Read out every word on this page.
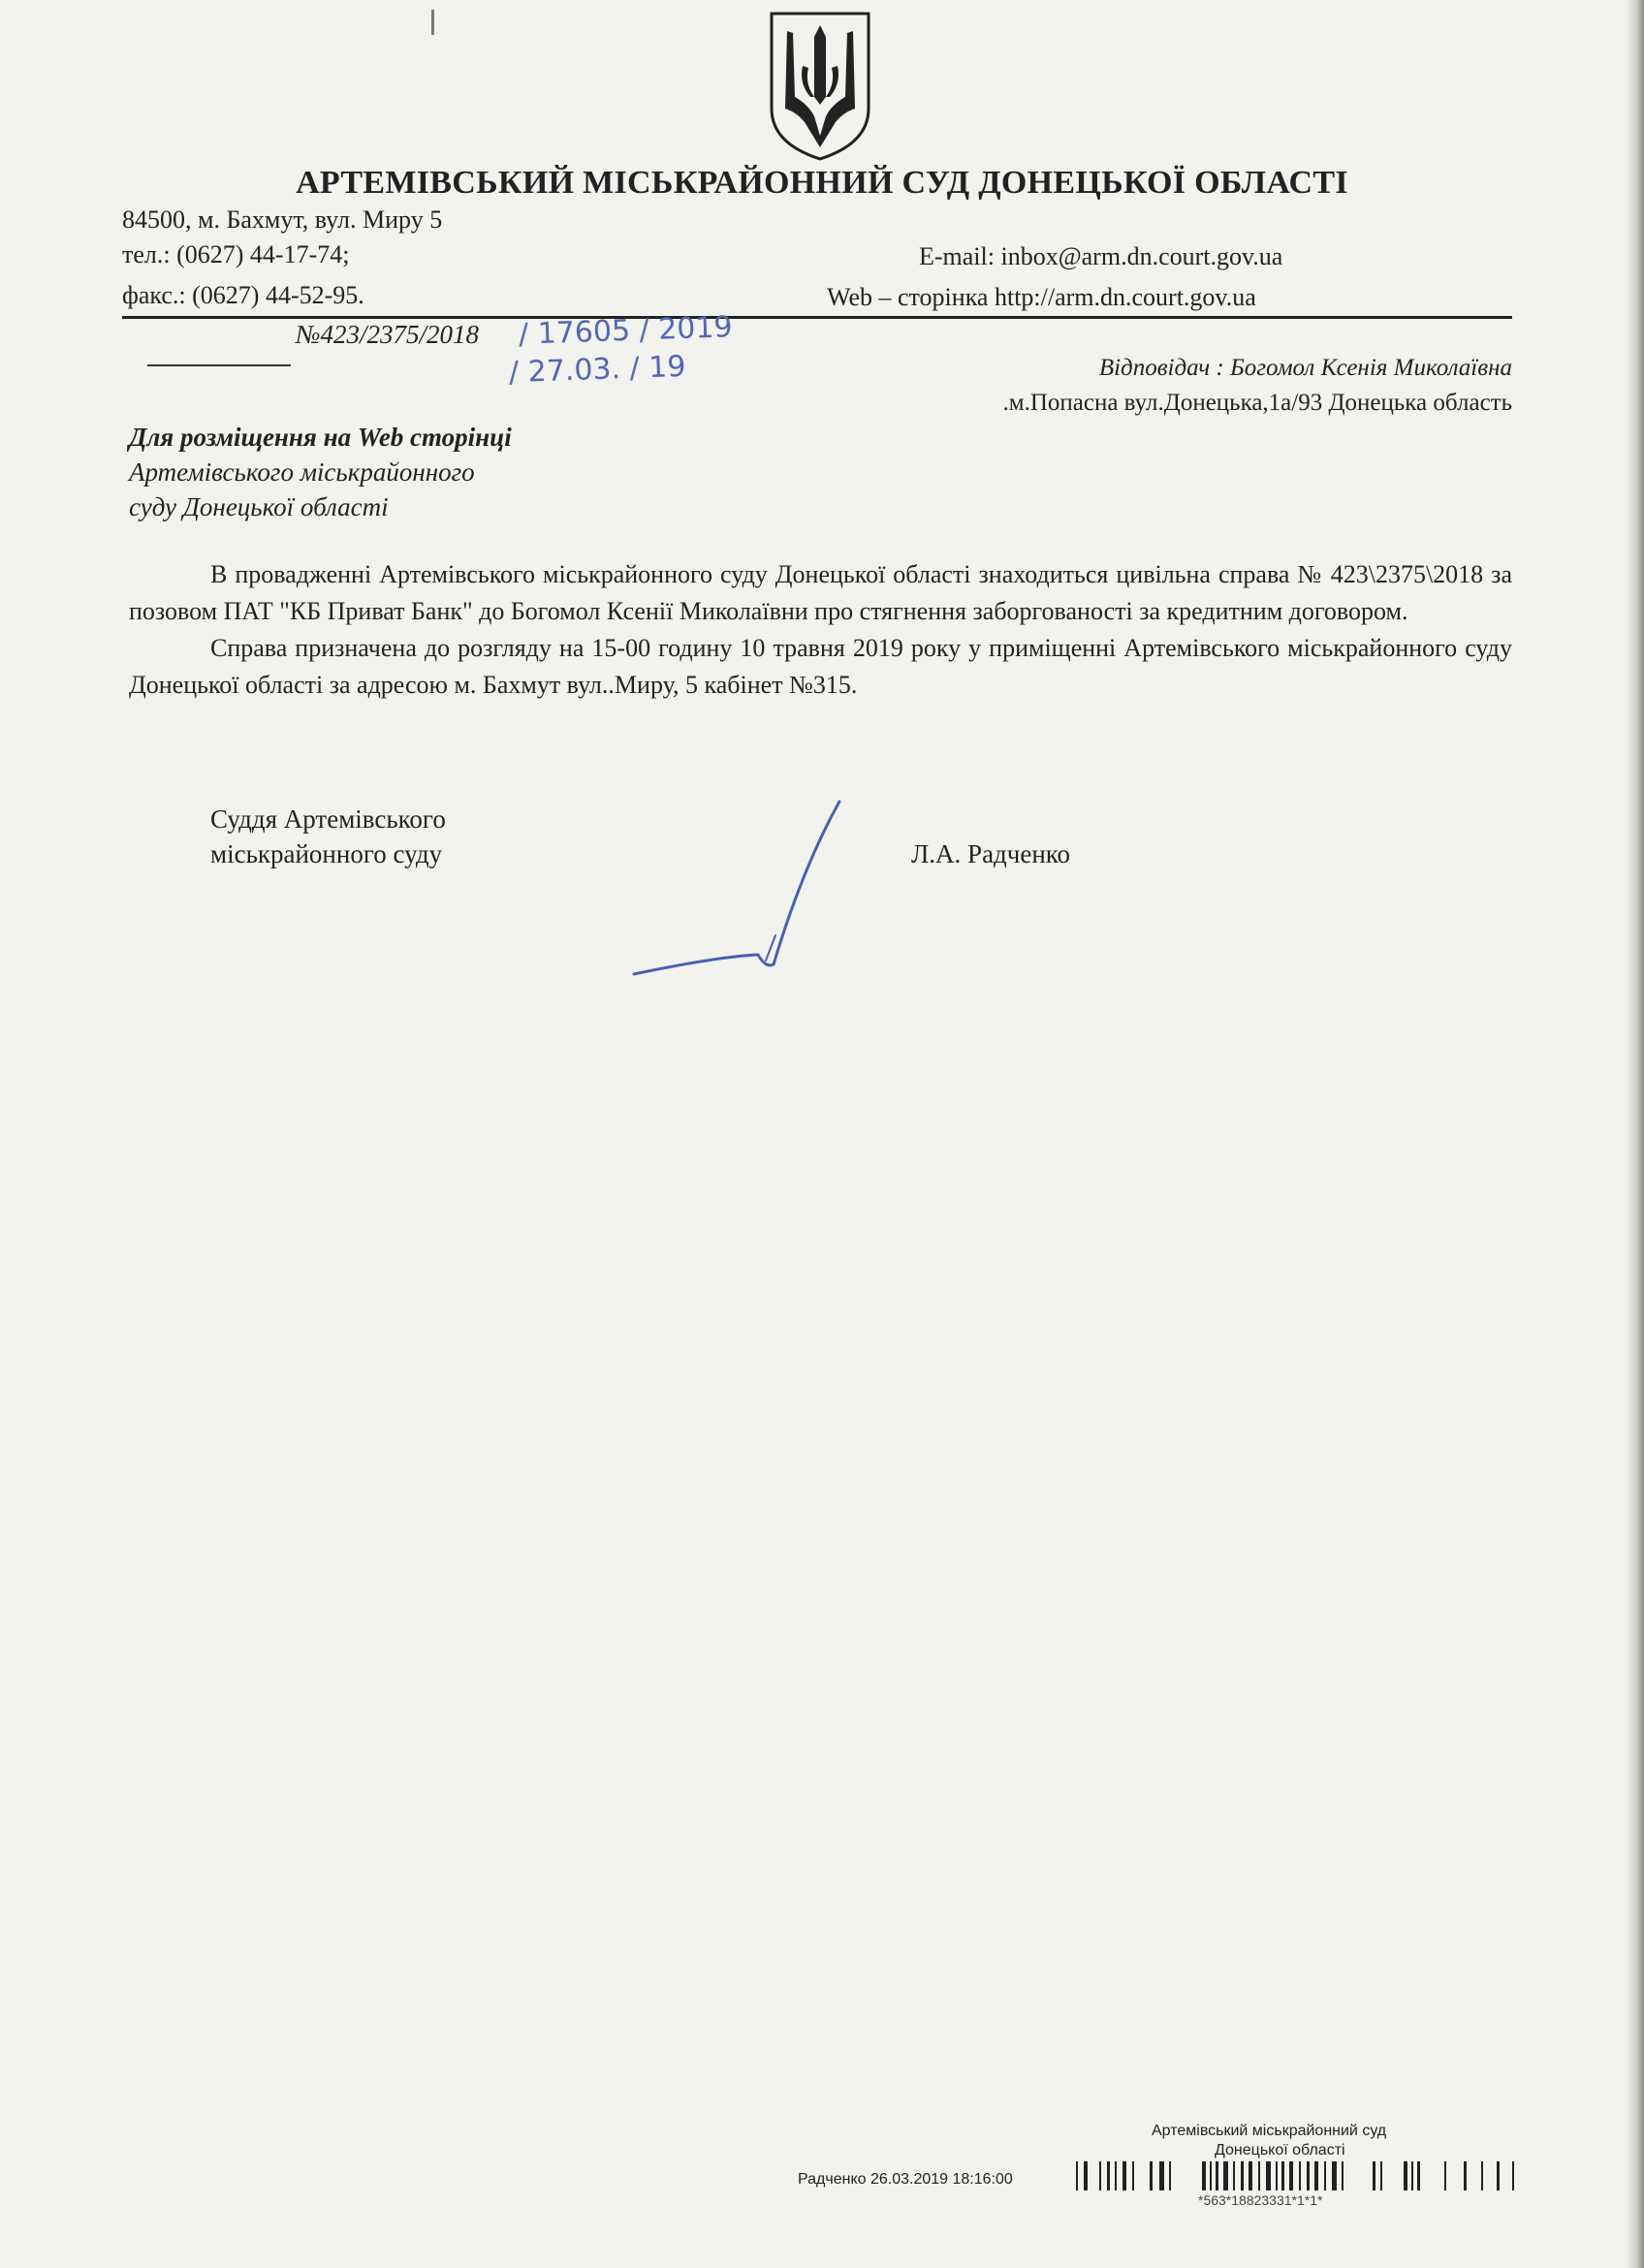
АРТЕМІВСЬКИЙ МІСЬКРАЙОННИЙ СУД ДОНЕЦЬКОЇ ОБЛАСТІ
84500, м. Бахмут, вул. Миру 5
тел.: (0627) 44-17-74;
факс.: (0627) 44-52-95.
E-mail: inbox@arm.dn.court.gov.ua
Web – сторінка http://arm.dn.court.gov.ua
№423/2375/2018 / 17605 / 2019
/ 27.03. / 19	Відповідач : Богомол Ксенія Миколаївна
.м.Попасна вул.Донецька,1а/93 Донецька область
Для розміщення на Web сторінці
Артемівського міськрайонного
суду Донецької області

В провадженні Артемівського міськрайонного суду Донецької області знаходиться цивільна справа № 423\2375\2018 за позовом ПАТ "КБ Приват Банк" до Богомол Ксенії Миколаївни про стягнення заборгованості за кредитним договором.

Справа призначена до розгляду на 15-00 годину 10 травня 2019 року у приміщенні Артемівського міськрайонного суду Донецької області за адресою м. Бахмут вул..Миру, 5 кабінет №315.

Суддя Артемівського
міськрайонного суду	Л.А. Радченко
Артемівський міськрайонний суд
Донецької області
Радченко 26.03.2019 18:16:00
*563*18823331*1*1*
